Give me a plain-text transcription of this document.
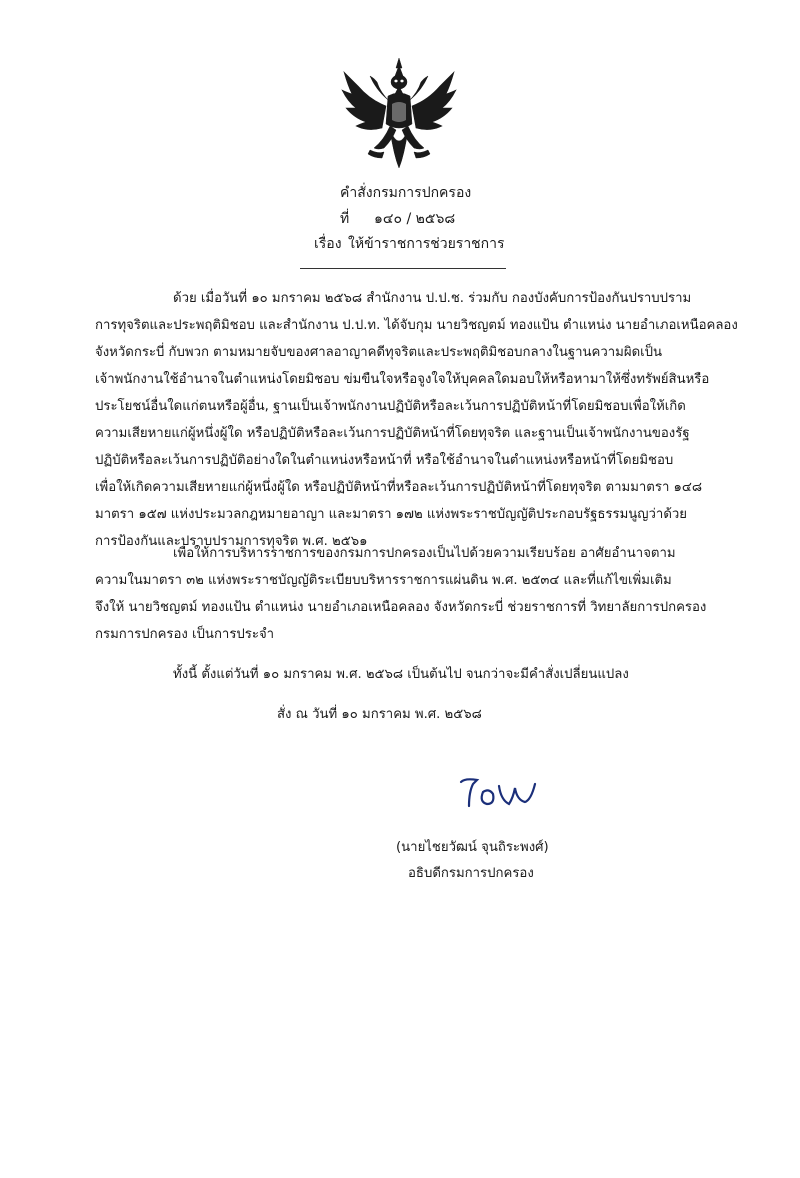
คำสั่งกรมการปกครอง
ที่ ๑๔๐ / ๒๕๖๘
เรื่อง ให้ข้าราชการช่วยราชการ
ด้วย เมื่อวันที่ ๑๐ มกราคม ๒๕๖๘ สำนักงาน ป.ป.ช. ร่วมกับ กองบังคับการป้องกันปราบปราม
การทุจริตและประพฤติมิชอบ และสำนักงาน ป.ป.ท. ได้จับกุม นายวิชญตม์ ทองแป้น ตำแหน่ง นายอำเภอเหนือคลอง
จังหวัดกระบี่ กับพวก ตามหมายจับของศาลอาญาคดีทุจริตและประพฤติมิชอบกลางในฐานความผิดเป็น
เจ้าพนักงานใช้อำนาจในตำแหน่งโดยมิชอบ ข่มขืนใจหรือจูงใจให้บุคคลใดมอบให้หรือหามาให้ซึ่งทรัพย์สินหรือ
ประโยชน์อื่นใดแก่ตนหรือผู้อื่น, ฐานเป็นเจ้าพนักงานปฏิบัติหรือละเว้นการปฏิบัติหน้าที่โดยมิชอบเพื่อให้เกิด
ความเสียหายแก่ผู้หนึ่งผู้ใด หรือปฏิบัติหรือละเว้นการปฏิบัติหน้าที่โดยทุจริต และฐานเป็นเจ้าพนักงานของรัฐ
ปฏิบัติหรือละเว้นการปฏิบัติอย่างใดในตำแหน่งหรือหน้าที่ หรือใช้อำนาจในตำแหน่งหรือหน้าที่โดยมิชอบ
เพื่อให้เกิดความเสียหายแก่ผู้หนึ่งผู้ใด หรือปฏิบัติหน้าที่หรือละเว้นการปฏิบัติหน้าที่โดยทุจริต ตามมาตรา ๑๔๘
มาตรา ๑๕๗ แห่งประมวลกฎหมายอาญา และมาตรา ๑๗๒ แห่งพระราชบัญญัติประกอบรัฐธรรมนูญว่าด้วย
การป้องกันและปราบปรามการทุจริต พ.ศ. ๒๕๖๑
เพื่อให้การบริหารราชการของกรมการปกครองเป็นไปด้วยความเรียบร้อย อาศัยอำนาจตาม
ความในมาตรา ๓๒ แห่งพระราชบัญญัติระเบียบบริหารราชการแผ่นดิน พ.ศ. ๒๕๓๔ และที่แก้ไขเพิ่มเติม
จึงให้ นายวิชญตม์ ทองแป้น ตำแหน่ง นายอำเภอเหนือคลอง จังหวัดกระบี่ ช่วยราชการที่ วิทยาลัยการปกครอง
กรมการปกครอง เป็นการประจำ
ทั้งนี้ ตั้งแต่วันที่ ๑๐ มกราคม พ.ศ. ๒๕๖๘ เป็นต้นไป จนกว่าจะมีคำสั่งเปลี่ยนแปลง
สั่ง ณ วันที่ ๑๐ มกราคม พ.ศ. ๒๕๖๘
(นายไชยวัฒน์ จุนถิระพงศ์)
อธิบดีกรมการปกครอง
